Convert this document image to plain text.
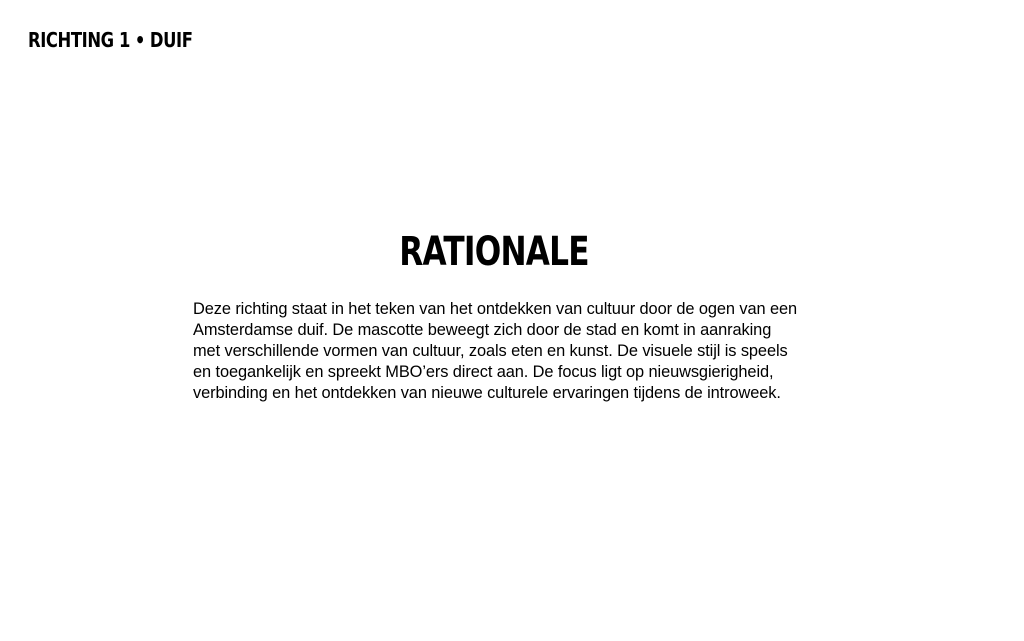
RICHTING 1 • DUIF
RATIONALE

Deze richting staat in het teken van het ontdekken van cultuur door de ogen van een
Amsterdamse duif. De mascotte beweegt zich door de stad en komt in aanraking
met verschillende vormen van cultuur, zoals eten en kunst. De visuele stijl is speels
en toegankelijk en spreekt MBO’ers direct aan. De focus ligt op nieuwsgierigheid,
verbinding en het ontdekken van nieuwe culturele ervaringen tijdens de introweek.
